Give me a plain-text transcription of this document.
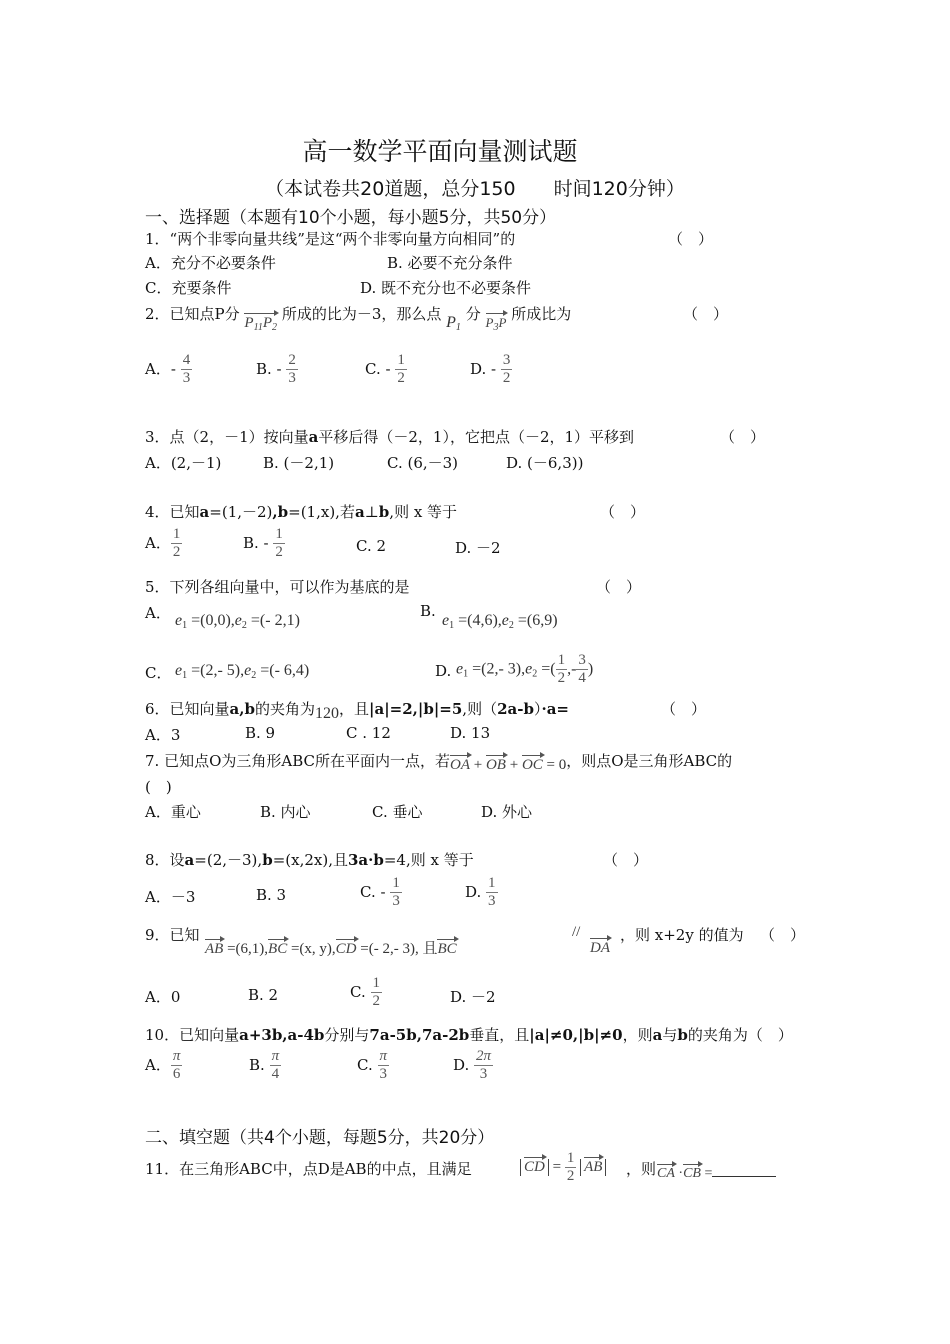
高一数学平面向量测试题
（本试卷共20道题，总分150　　时间120分钟）
一、选择题（本题有10个小题，每小题5分，共50分）
1．“两个非零向量共线”是这“两个非零向量方向相同”的	（　）
A．充分不必要条件	B. 必要不充分条件
C．充要条件	D. 既不充分也不必要条件
2．已知点P分 $P_{11}P_2$ 所成的比为－3，那么点 $P_1$ 分 $P_3P$ 所成比为	（　）
A．- $\frac{4}{3}$	B. - $\frac{2}{3}$	C. - $\frac{1}{2}$	D. - $\frac{3}{2}$
3．点（2，－1）按向量a平移后得（－2，1），它把点（－2，1）平移到	（　）
A．(2,－1)	B. (－2,1)	C. (6,－3)	D. (－6,3))
4．已知a=(1,－2),b=(1,x),若a⊥b,则 x 等于	（　）
A． $\frac{1}{2}$	B. - $\frac{1}{2}$	C. 2	D. －2
5．下列各组向量中，可以作为基底的是	（　）
A． $e_1 =(0,0),e_2$ =(- 2,1)
B.
$e_1 =(4,6),e_2 =(6,9)$
C． $e_1 =(2,-$ $5),e_2$ =(- 6,4)	D. $e_1 =(2,-$ $3),e_2$ =( $\frac{1}{2}$ ,- $\frac{3}{4}$ )
6．已知向量a,b的夹角为120，且|a|=2,|b|=5,则（2a-b）·a=	（　）
A．3	B. 9	C . 12	D. 13
7. 已知点O为三角形ABC所在平面内一点，若OA + OB + OC = 0，则点O是三角形ABC的
(　)
A．重心	B. 内心	C. 垂心	D. 外心
8．设a=(2,－3),b=(x,2x),且3a·b=4,则 x 等于	（　）
A．－3	B. 3	C. - $\frac{1}{3}$	D. $\frac{1}{3}$
9．已知
AB =(6,1),BC =(x, y),CD =(- 2,- 3), 且BC
//
DA
，则 x+2y 的值为 （　）
A．0	B. 2	C. $\frac{1}{2}$	D. －2
10．已知向量a+3b,a-4b分别与7a-5b,7a-2b垂直，且|a|≠0,|b|≠0，则a与b的夹角为（　）
A． $\frac{\pi}{6}$	B. $\frac{\pi}{4}$	C. $\frac{\pi}{3}$	D. $\frac{2\pi}{3}$
二、填空题（共4个小题，每题5分，共20分）
11．在三角形ABC中，点D是AB的中点，且满足	CD = $\frac{1}{2}$ AB ，则 CA ·CB =
